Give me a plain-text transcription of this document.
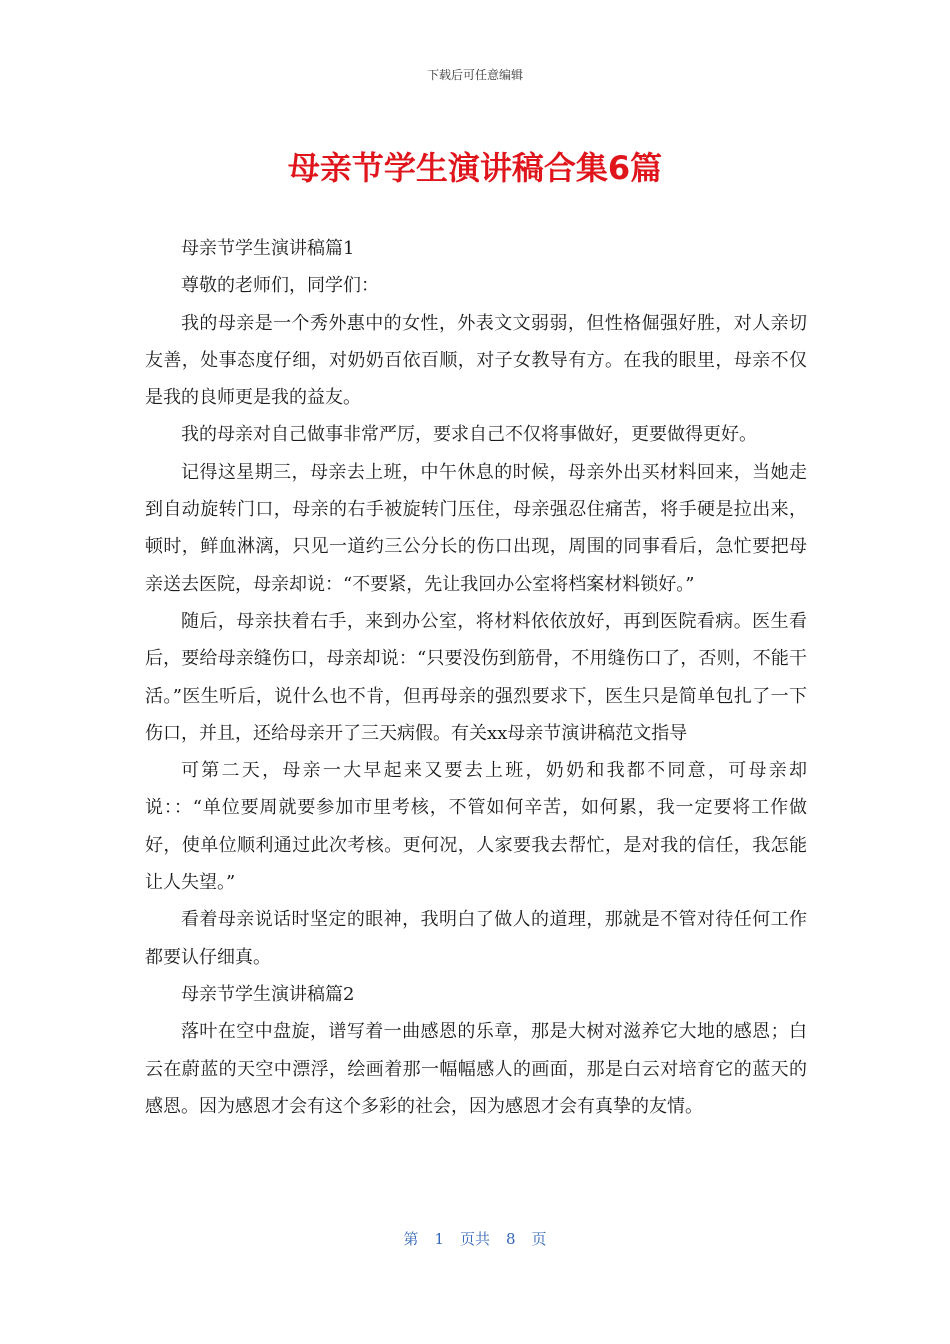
下载后可任意编辑
母亲节学生演讲稿合集6篇

母亲节学生演讲稿篇1

尊敬的老师们，同学们：

我的母亲是一个秀外惠中的女性，外表文文弱弱，但性格倔强好胜，对人亲切友善，处事态度仔细，对奶奶百依百顺，对子女教导有方。在我的眼里，母亲不仅是我的良师更是我的益友。

我的母亲对自己做事非常严厉，要求自己不仅将事做好，更要做得更好。

记得这星期三，母亲去上班，中午休息的时候，母亲外出买材料回来，当她走到自动旋转门口，母亲的右手被旋转门压住，母亲强忍住痛苦，将手硬是拉出来，顿时，鲜血淋漓，只见一道约三公分长的伤口出现，周围的同事看后，急忙要把母亲送去医院，母亲却说：“不要紧，先让我回办公室将档案材料锁好。”

随后，母亲扶着右手，来到办公室，将材料依依放好，再到医院看病。医生看后，要给母亲缝伤口，母亲却说：“只要没伤到筋骨，不用缝伤口了，否则，不能干活。”医生听后，说什么也不肯，但再母亲的强烈要求下，医生只是简单包扎了一下伤口，并且，还给母亲开了三天病假。有关xx母亲节演讲稿范文指导

可第二天，母亲一大早起来又要去上班，奶奶和我都不同意，可母亲却说：：“单位要周就要参加市里考核，不管如何辛苦，如何累，我一定要将工作做好，使单位顺利通过此次考核。更何况，人家要我去帮忙，是对我的信任，我怎能让人失望。”

看着母亲说话时坚定的眼神，我明白了做人的道理，那就是不管对待任何工作都要认仔细真。

母亲节学生演讲稿篇2

落叶在空中盘旋，谱写着一曲感恩的乐章，那是大树对滋养它大地的感恩；白云在蔚蓝的天空中漂浮，绘画着那一幅幅感人的画面，那是白云对培育它的蓝天的感恩。因为感恩才会有这个多彩的社会，因为感恩才会有真挚的友情。

第 1 页共 8 页
